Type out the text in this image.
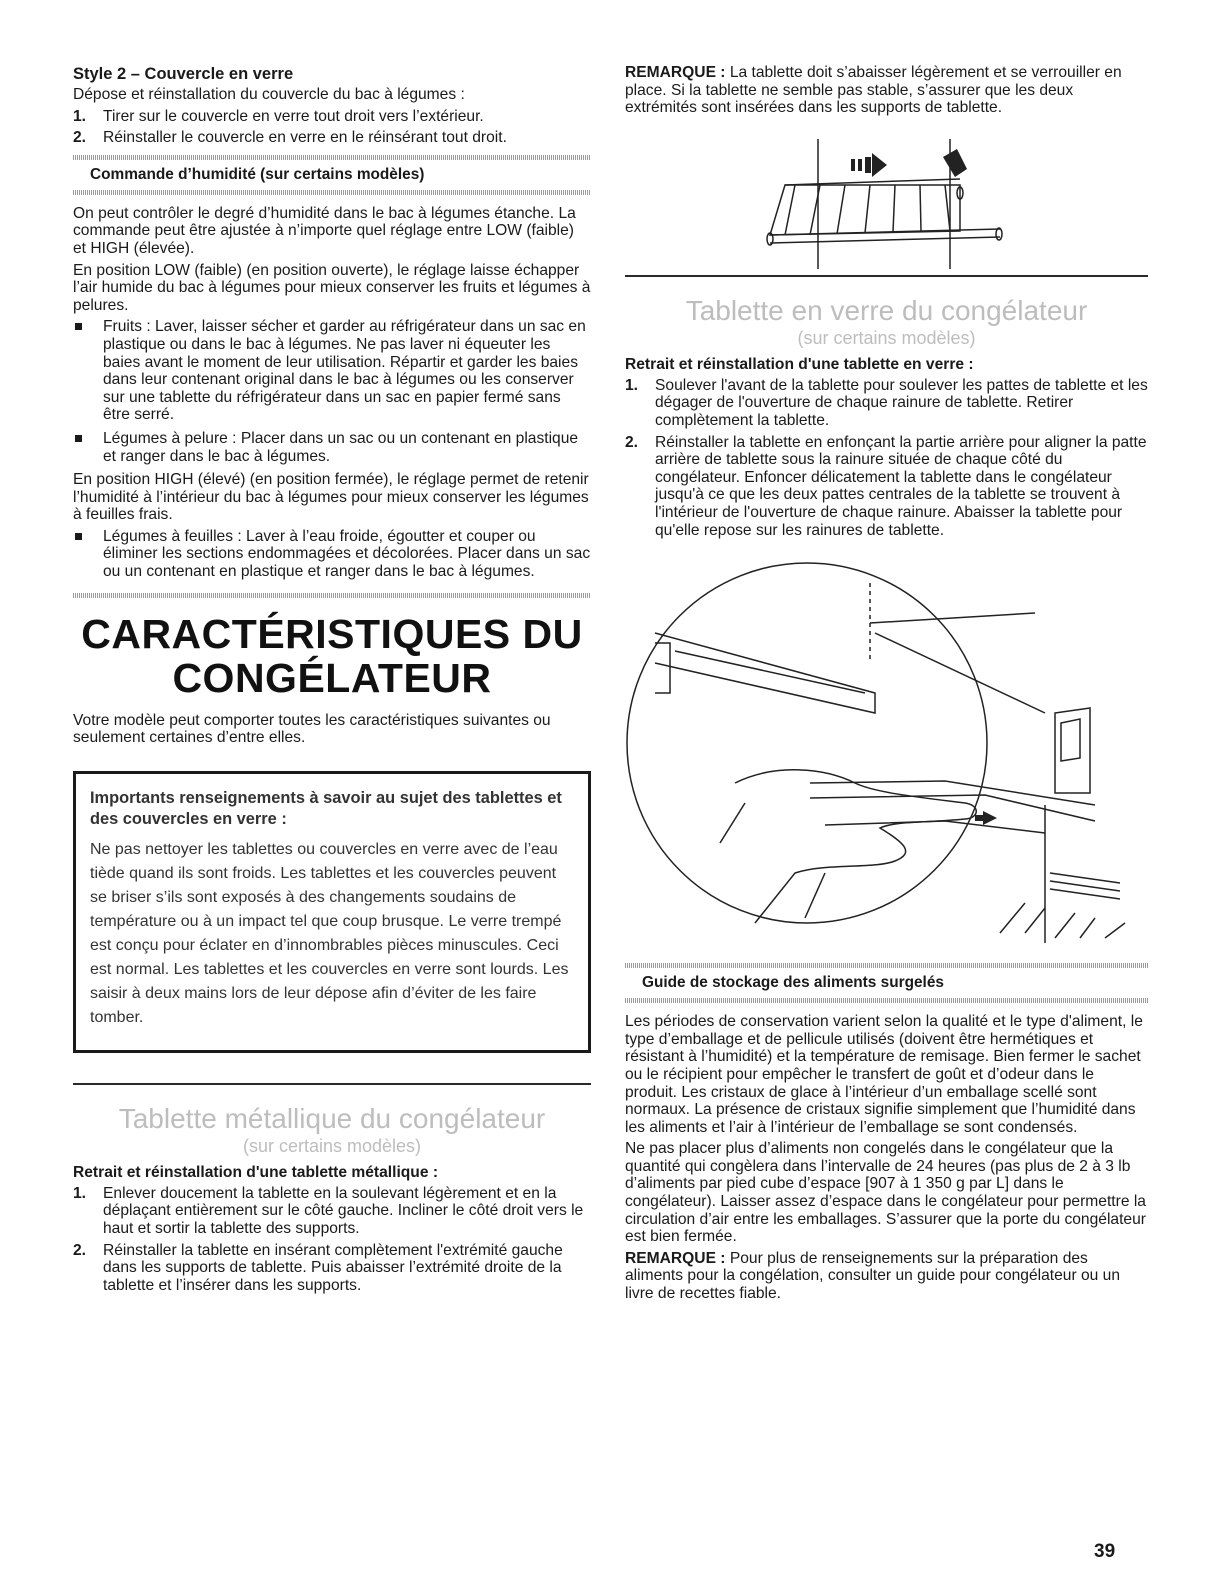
Style 2 – Couvercle en verre

Dépose et réinstallation du couvercle du bac à légumes :

1. Tirer sur le couvercle en verre tout droit vers l’extérieur.
2. Réinstaller le couvercle en verre en le réinsérant tout droit.
Commande d’humidité (sur certains modèles)

On peut contrôler le degré d’humidité dans le bac à légumes étanche. La commande peut être ajustée à n’importe quel réglage entre LOW (faible) et HIGH (élevée).

En position LOW (faible) (en position ouverte), le réglage laisse échapper l’air humide du bac à légumes pour mieux conserver les fruits et légumes à pelures.

Fruits : Laver, laisser sécher et garder au réfrigérateur dans un sac en plastique ou dans le bac à légumes. Ne pas laver ni équeuter les baies avant le moment de leur utilisation. Répartir et garder les baies dans leur contenant original dans le bac à légumes ou les conserver sur une tablette du réfrigérateur dans un sac en papier fermé sans être serré.
Légumes à pelure : Placer dans un sac ou un contenant en plastique et ranger dans le bac à légumes.

En position HIGH (élevé) (en position fermée), le réglage permet de retenir l’humidité à l’intérieur du bac à légumes pour mieux conserver les légumes à feuilles frais.

Légumes à feuilles : Laver à l’eau froide, égoutter et couper ou éliminer les sections endommagées et décolorées. Placer dans un sac ou un contenant en plastique et ranger dans le bac à légumes.
CARACTÉRISTIQUES DU
CONGÉLATEUR

Votre modèle peut comporter toutes les caractéristiques suivantes ou seulement certaines d’entre elles.

Importants renseignements à savoir au sujet des tablettes et des couvercles en verre :

Ne pas nettoyer les tablettes ou couvercles en verre avec de l’eau tiède quand ils sont froids. Les tablettes et les couvercles peuvent se briser s’ils sont exposés à des changements soudains de température ou à un impact tel que coup brusque. Le verre trempé est conçu pour éclater en d’innombrables pièces minuscules. Ceci est normal. Les tablettes et les couvercles en verre sont lourds. Les saisir à deux mains lors de leur dépose afin d’éviter de les faire tomber.

Tablette métallique du congélateur
(sur certains modèles)
Retrait et réinstallation d'une tablette métallique :
1. Enlever doucement la tablette en la soulevant légèrement et en la déplaçant entièrement sur le côté gauche. Incliner le côté droit vers le haut et sortir la tablette des supports.
2. Réinstaller la tablette en insérant complètement l'extrémité gauche dans les supports de tablette. Puis abaisser l’extrémité droite de la tablette et l’insérer dans les supports.

REMARQUE : La tablette doit s’abaisser légèrement et se verrouiller en place. Si la tablette ne semble pas stable, s’assurer que les deux extrémités sont insérées dans les supports de tablette.

Tablette en verre du congélateur
(sur certains modèles)
Retrait et réinstallation d'une tablette en verre :
1. Soulever l'avant de la tablette pour soulever les pattes de tablette et les dégager de l'ouverture de chaque rainure de tablette. Retirer complètement la tablette.
2. Réinstaller la tablette en enfonçant la partie arrière pour aligner la patte arrière de tablette sous la rainure située de chaque côté du congélateur. Enfoncer délicatement la tablette dans le congélateur jusqu'à ce que les deux pattes centrales de la tablette se trouvent à l'intérieur de l'ouverture de chaque rainure. Abaisser la tablette pour qu'elle repose sur les rainures de tablette.
Guide de stockage des aliments surgelés

Les périodes de conservation varient selon la qualité et le type d'aliment, le type d’emballage et de pellicule utilisés (doivent être hermétiques et résistant à l’humidité) et la température de remisage. Bien fermer le sachet ou le récipient pour empêcher le transfert de goût et d’odeur dans le produit. Les cristaux de glace à l’intérieur d’un emballage scellé sont normaux. La présence de cristaux signifie simplement que l’humidité dans les aliments et l’air à l’intérieur de l’emballage se sont condensés.

Ne pas placer plus d’aliments non congelés dans le congélateur que la quantité qui congèlera dans l’intervalle de 24 heures (pas plus de 2 à 3 lb d’aliments par pied cube d’espace [907 à 1 350 g par L] dans le congélateur). Laisser assez d’espace dans le congélateur pour permettre la circulation d’air entre les emballages. S’assurer que la porte du congélateur est bien fermée.

REMARQUE : Pour plus de renseignements sur la préparation des aliments pour la congélation, consulter un guide pour congélateur ou un livre de recettes fiable.

39
